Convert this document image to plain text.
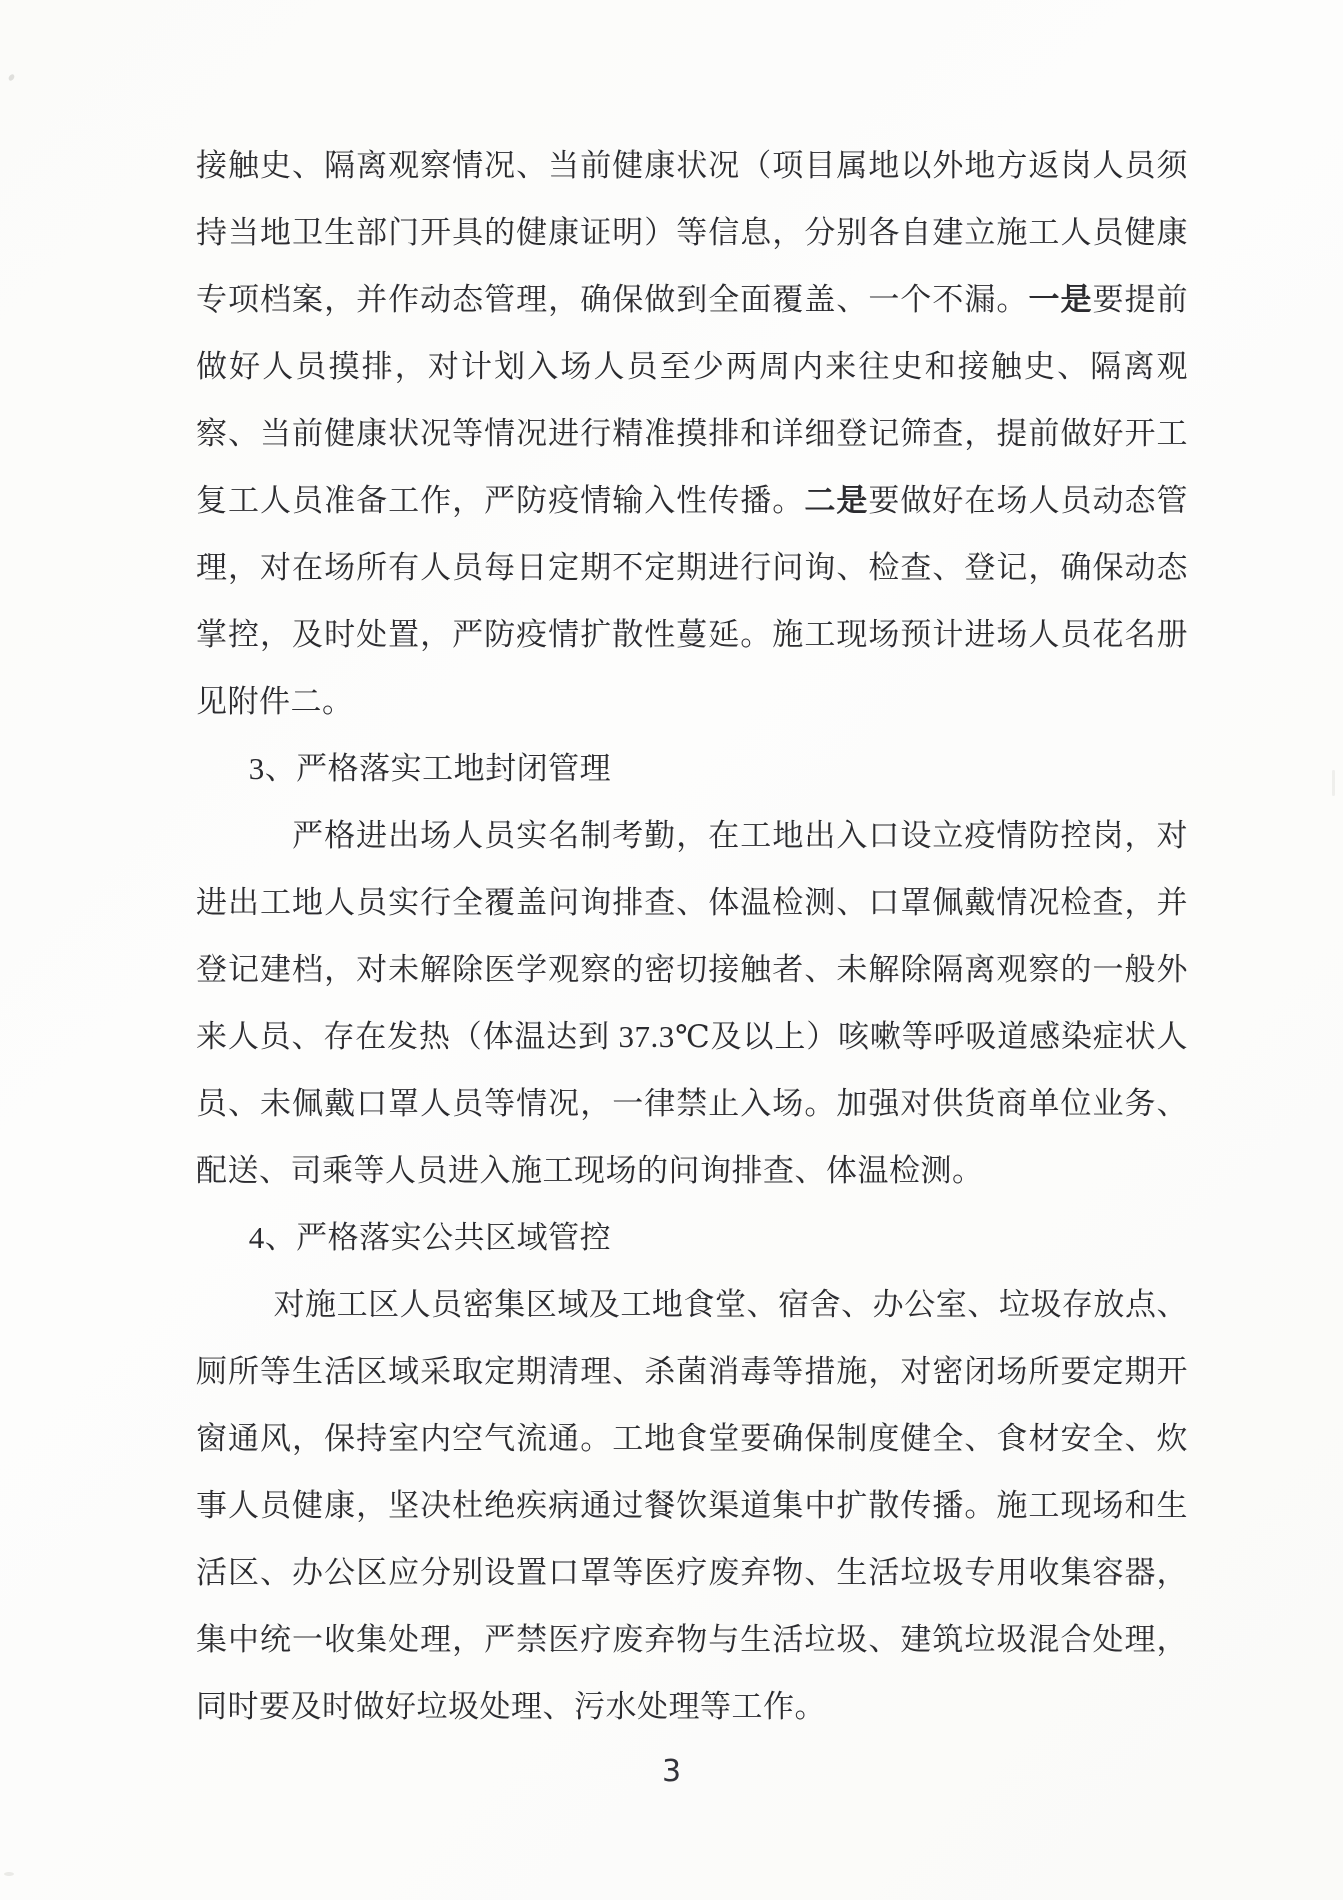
接触史、隔离观察情况、当前健康状况（项目属地以外地方返岗人员须持当地卫生部门开具的健康证明）等信息，分别各自建立施工人员健康专项档案，并作动态管理，确保做到全面覆盖、一个不漏。一是要提前做好人员摸排，对计划入场人员至少两周内来往史和接触史、隔离观察、当前健康状况等情况进行精准摸排和详细登记筛查，提前做好开工复工人员准备工作，严防疫情输入性传播。二是要做好在场人员动态管理，对在场所有人员每日定期不定期进行问询、检查、登记，确保动态掌控，及时处置，严防疫情扩散性蔓延。施工现场预计进场人员花名册见附件二。

3、严格落实工地封闭管理

严格进出场人员实名制考勤，在工地出入口设立疫情防控岗，对进出工地人员实行全覆盖问询排查、体温检测、口罩佩戴情况检查，并登记建档，对未解除医学观察的密切接触者、未解除隔离观察的一般外来人员、存在发热（体温达到 37.3℃及以上）咳嗽等呼吸道感染症状人员、未佩戴口罩人员等情况，一律禁止入场。加强对供货商单位业务、配送、司乘等人员进入施工现场的问询排查、体温检测。

4、严格落实公共区域管控

对施工区人员密集区域及工地食堂、宿舍、办公室、垃圾存放点、厕所等生活区域采取定期清理、杀菌消毒等措施，对密闭场所要定期开窗通风，保持室内空气流通。工地食堂要确保制度健全、食材安全、炊事人员健康，坚决杜绝疾病通过餐饮渠道集中扩散传播。施工现场和生活区、办公区应分别设置口罩等医疗废弃物、生活垃圾专用收集容器，集中统一收集处理，严禁医疗废弃物与生活垃圾、建筑垃圾混合处理，同时要及时做好垃圾处理、污水处理等工作。

3
